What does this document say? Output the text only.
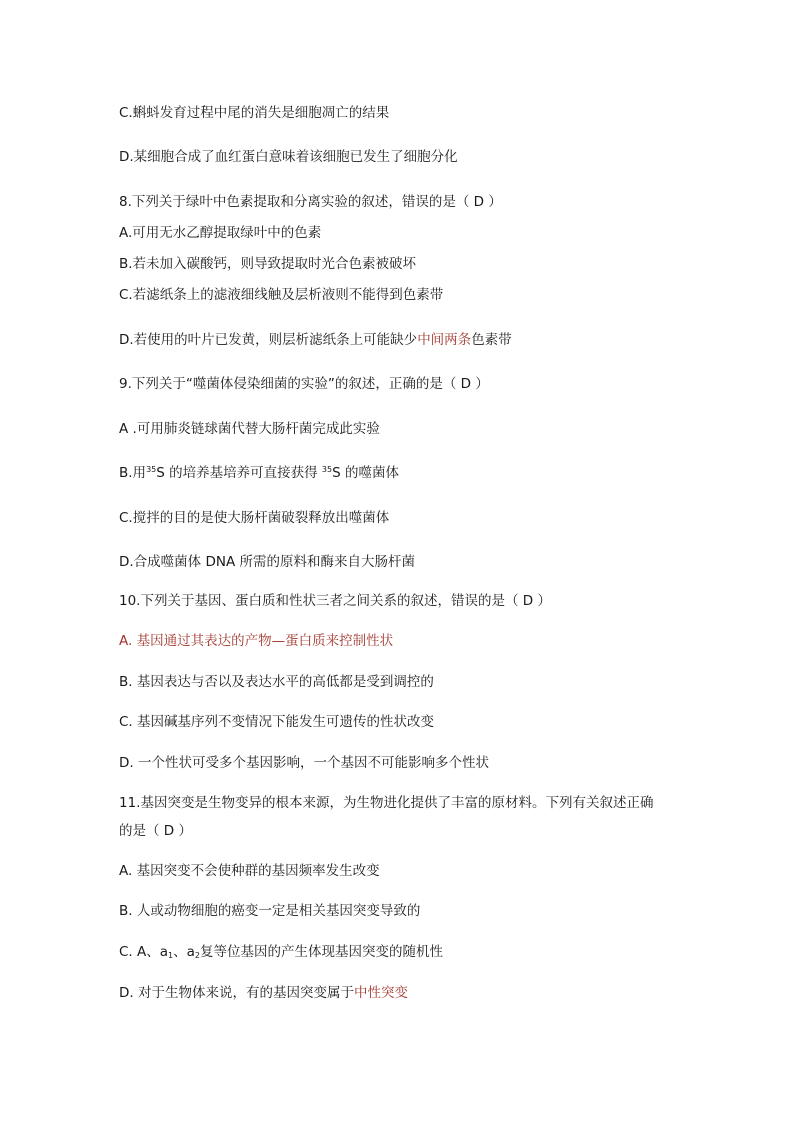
C.蝌蚪发育过程中尾的消失是细胞凋亡的结果
D.某细胞合成了血红蛋白意味着该细胞已发生了细胞分化
8.下列关于绿叶中色素提取和分离实验的叙述，错误的是（ D ）
A.可用无水乙醇提取绿叶中的色素
B.若未加入碳酸钙，则导致提取时光合色素被破坏
C.若滤纸条上的滤液细线触及层析液则不能得到色素带
D.若使用的叶片已发黄，则层析滤纸条上可能缺少中间两条色素带
9.下列关于“噬菌体侵染细菌的实验”的叙述，正确的是（ D ）
A .可用肺炎链球菌代替大肠杆菌完成此实验
B.用$^{35}$S 的培养基培养可直接获得 $^{35}$S 的噬菌体
C.搅拌的目的是使大肠杆菌破裂释放出噬菌体
D.合成噬菌体 DNA 所需的原料和酶来自大肠杆菌
10.下列关于基因、蛋白质和性状三者之间关系的叙述，错误的是（ D ）
A. 基因通过其表达的产物—蛋白质来控制性状
B. 基因表达与否以及表达水平的高低都是受到调控的
C. 基因碱基序列不变情况下能发生可遗传的性状改变
D. 一个性状可受多个基因影响，一个基因不可能影响多个性状
11.基因突变是生物变异的根本来源，为生物进化提供了丰富的原材料。下列有关叙述正确
的是（ D ）
A. 基因突变不会使种群的基因频率发生改变
B. 人或动物细胞的癌变一定是相关基因突变导致的
C. A、$a_1$、$a_2$复等位基因的产生体现基因突变的随机性
D. 对于生物体来说，有的基因突变属于中性突变
